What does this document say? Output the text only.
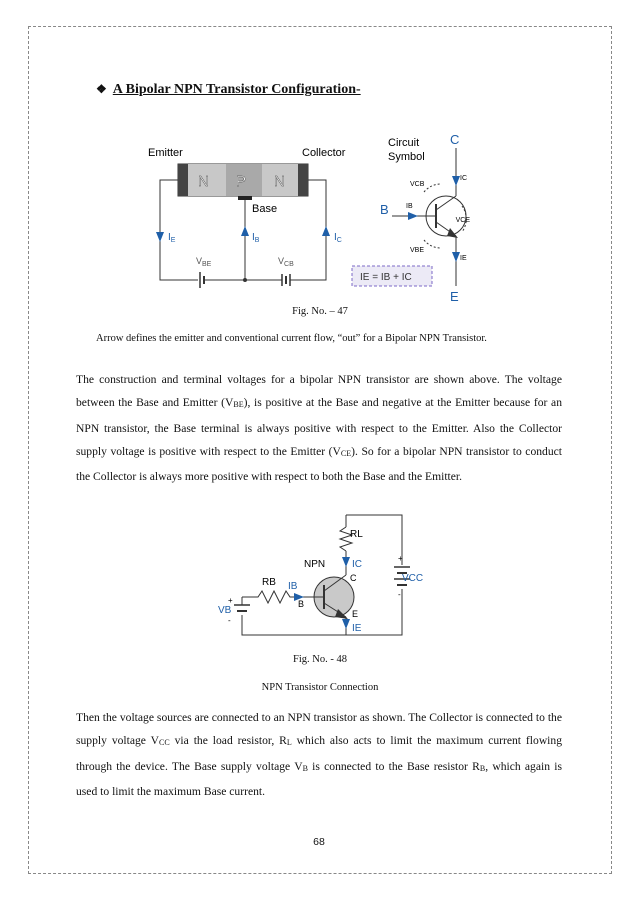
❖ A Bipolar NPN Transistor Configuration-
Emitter	Collector
N P N
Base
$I_E$	$I_B$	$I_C$
$V_{BE}$	$V_{CB}$
IE = IB + IC
Circuit
Symbol
C
B
E
VCB
IB
VCE
VBE
IC
IE
Fig. No. – 47
Arrow defines the emitter and conventional current flow, “out” for a Bipolar NPN Transistor.
The construction and terminal voltages for a bipolar NPN transistor are shown above. The voltage between the Base and Emitter (VBE), is positive at the Base and negative at the Emitter because for an NPN transistor, the Base terminal is always positive with respect to the Emitter. Also the Collector supply voltage is positive with respect to the Emitter (VCE). So for a bipolar NPN transistor to conduct the Collector is always more positive with respect to both the Base and the Emitter.
RL
NPN	IC
C	VCC
+
-
RB IB
B
VB
+
-
E
IE
Fig. No. - 48
NPN Transistor Connection
Then the voltage sources are connected to an NPN transistor as shown. The Collector is connected to the supply voltage VCC via the load resistor, RL which also acts to limit the maximum current flowing through the device. The Base supply voltage VB is connected to the Base resistor RB, which again is used to limit the maximum Base current.
68
